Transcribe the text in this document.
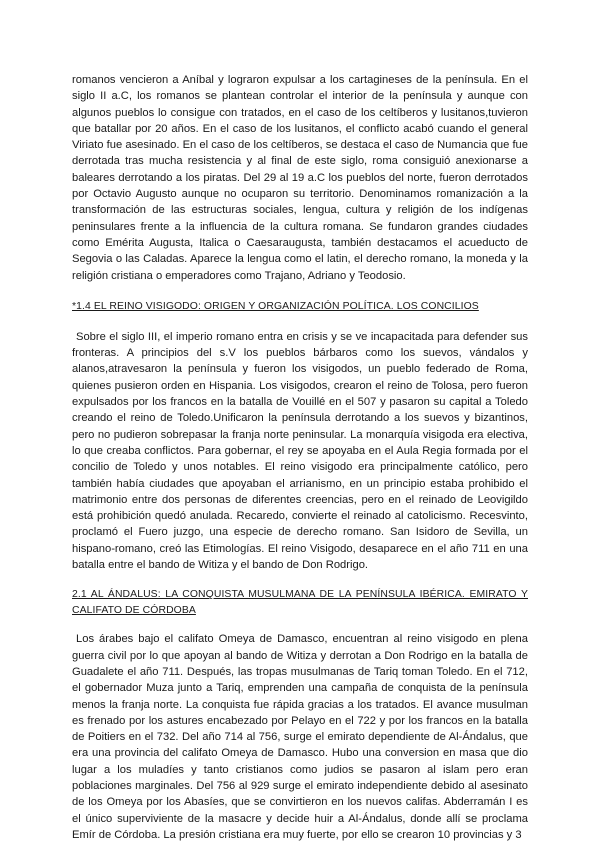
romanos vencieron a Aníbal y lograron expulsar a los cartagineses de la península. En el siglo II a.C, los romanos se plantean controlar el interior de la península y aunque con algunos pueblos lo consigue con tratados, en el caso de los celtíberos y lusitanos,tuvieron que batallar por 20 años. En el caso de los lusitanos, el conflicto acabó cuando el general Viriato fue asesinado. En el caso de los celtíberos, se destaca el caso de Numancia que fue derrotada tras mucha resistencia y al final de este siglo, roma consiguió anexionarse a baleares derrotando a los piratas. Del 29 al 19 a.C los pueblos del norte, fueron derrotados por Octavio Augusto aunque no ocuparon su territorio. Denominamos romanización a la transformación de las estructuras sociales, lengua, cultura y religión de los indígenas peninsulares frente a la influencia de la cultura romana. Se fundaron grandes ciudades como Emérita Augusta, Italica o Caesaraugusta, también destacamos el acueducto de Segovia o las Caladas. Aparece la lengua como el latin, el derecho romano, la moneda y la religión cristiana o emperadores como Trajano, Adriano y Teodosio.

*1.4 EL REINO VISIGODO: ORIGEN Y ORGANIZACIÓN POLÍTICA. LOS CONCILIOS

Sobre el siglo III, el imperio romano entra en crisis y se ve incapacitada para defender sus fronteras. A principios del s.V los pueblos bárbaros como los suevos, vándalos y alanos,atravesaron la península y fueron los visigodos, un pueblo federado de Roma, quienes pusieron orden en Hispania. Los visigodos, crearon el reino de Tolosa, pero fueron expulsados por los francos en la batalla de Vouillé en el 507 y pasaron su capital a Toledo creando el reino de Toledo.Unificaron la península derrotando a los suevos y bizantinos, pero no pudieron sobrepasar la franja norte peninsular. La monarquía visigoda era electiva, lo que creaba conflictos. Para gobernar, el rey se apoyaba en el Aula Regia formada por el concilio de Toledo y unos notables. El reino visigodo era principalmente católico, pero también había ciudades que apoyaban el arrianismo, en un principio estaba prohibido el matrimonio entre dos personas de diferentes creencias, pero en el reinado de Leovigildo está prohibición quedó anulada. Recaredo, convierte el reinado al catolicismo. Recesvinto, proclamó el Fuero juzgo, una especie de derecho romano. San Isidoro de Sevilla, un hispano-romano, creó las Etimologías. El reino Visigodo, desaparece en el año 711 en una batalla entre el bando de Witiza y el bando de Don Rodrigo.

2.1 AL ÁNDALUS: LA CONQUISTA MUSULMANA DE LA PENÍNSULA IBÉRICA. EMIRATO Y CALIFATO DE CÓRDOBA

Los árabes bajo el califato Omeya de Damasco, encuentran al reino visigodo en plena guerra civil por lo que apoyan al bando de Witiza y derrotan a Don Rodrigo en la batalla de Guadalete el año 711. Después, las tropas musulmanas de Tariq toman Toledo. En el 712, el gobernador Muza junto a Tariq, emprenden una campaña de conquista de la península menos la franja norte. La conquista fue rápida gracias a los tratados. El avance musulman es frenado por los astures encabezado por Pelayo en el 722 y por los francos en la batalla de Poitiers en el 732. Del año 714 al 756, surge el emirato dependiente de Al-Ándalus, que era una provincia del califato Omeya de Damasco. Hubo una conversion en masa que dio lugar a los muladíes y tanto cristianos como judios se pasaron al islam pero eran poblaciones marginales. Del 756 al 929 surge el emirato independiente debido al asesinato de los Omeya por los Abasíes, que se convirtieron en los nuevos califas. Abderramán I es el único superviviente de la masacre y decide huir a Al-Ándalus, donde allí se proclama Emír de Córdoba. La presión cristiana era muy fuerte, por ello se crearon 10 provincias y 3
